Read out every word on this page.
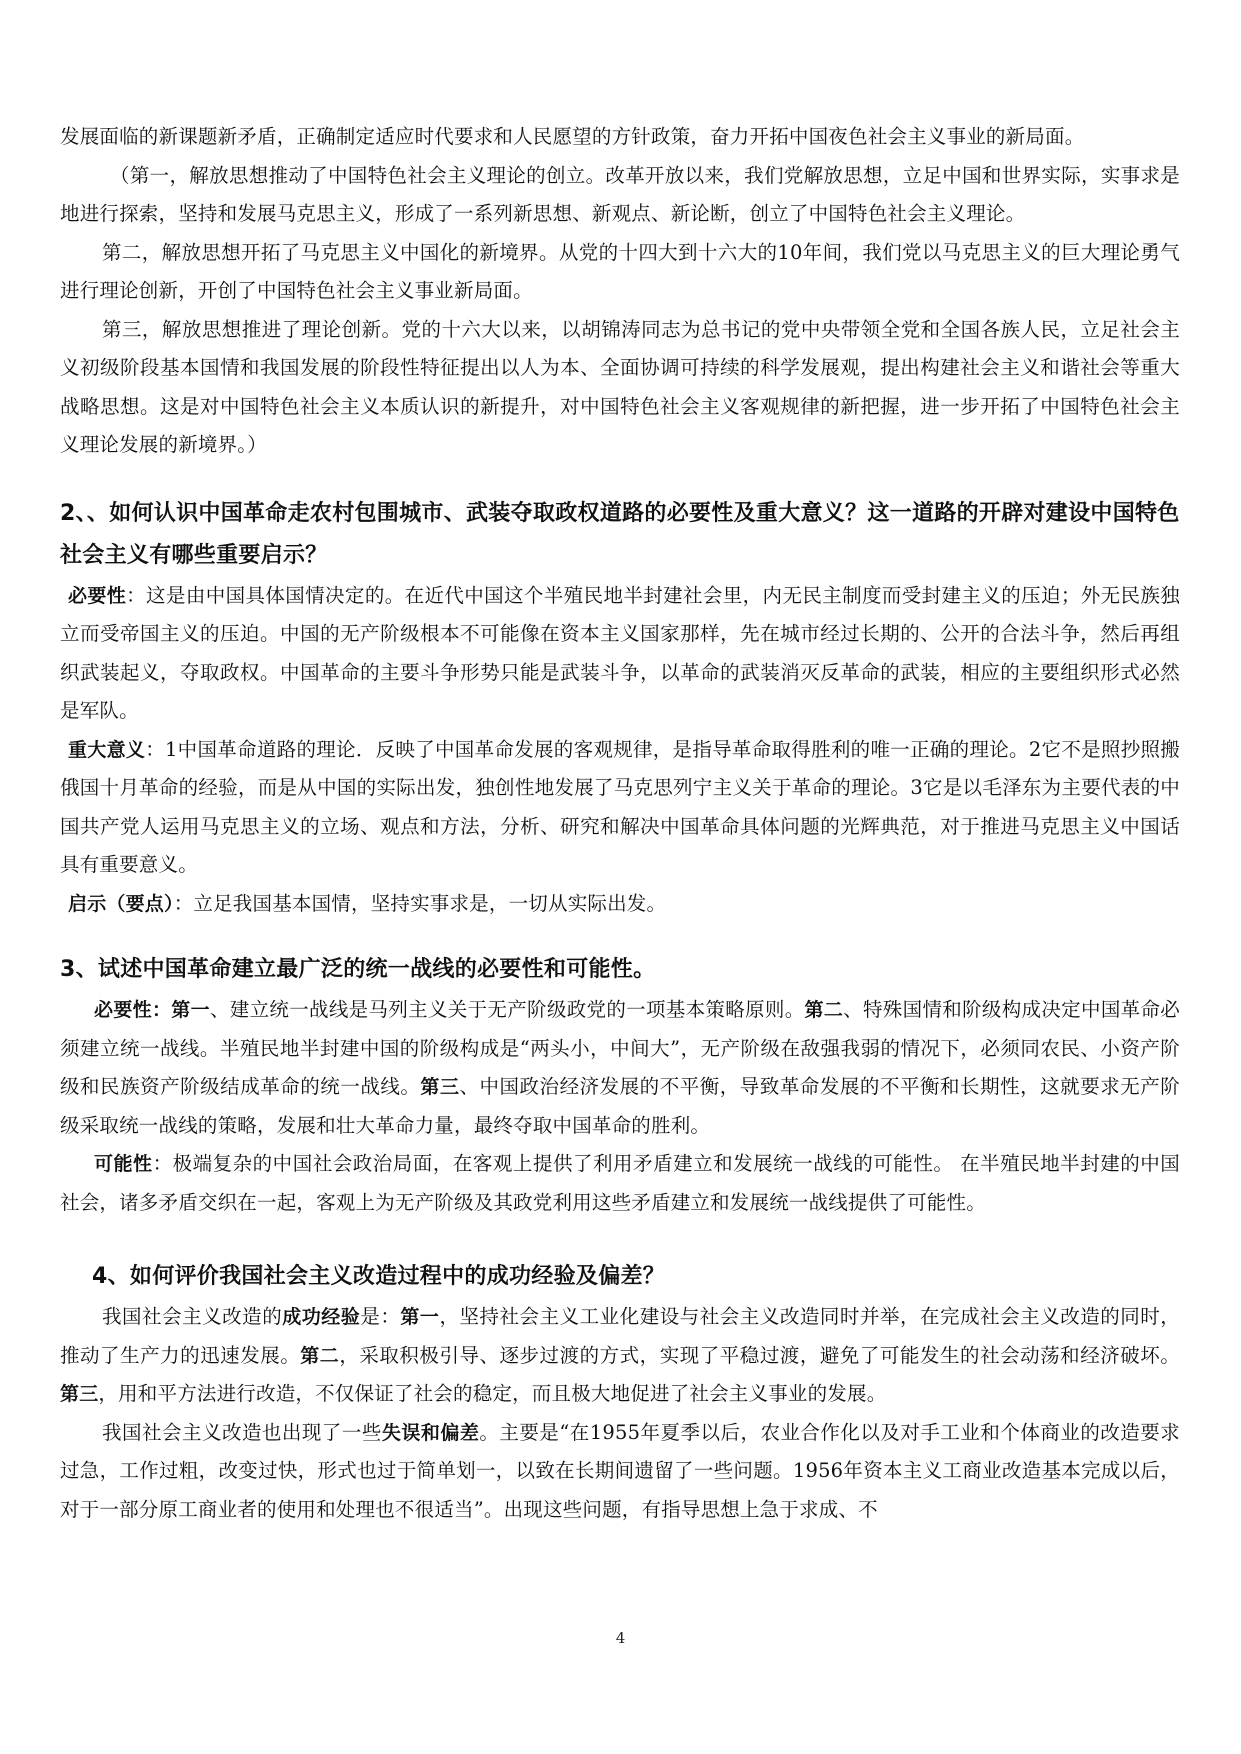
发展面临的新课题新矛盾，正确制定适应时代要求和人民愿望的方针政策，奋力开拓中国夜色社会主义事业的新局面。

（第一，解放思想推动了中国特色社会主义理论的创立。改革开放以来，我们党解放思想，立足中国和世界实际，实事求是地进行探索，坚持和发展马克思主义，形成了一系列新思想、新观点、新论断，创立了中国特色社会主义理论。

第二，解放思想开拓了马克思主义中国化的新境界。从党的十四大到十六大的10年间，我们党以马克思主义的巨大理论勇气进行理论创新，开创了中国特色社会主义事业新局面。

第三，解放思想推进了理论创新。党的十六大以来，以胡锦涛同志为总书记的党中央带领全党和全国各族人民，立足社会主义初级阶段基本国情和我国发展的阶段性特征提出以人为本、全面协调可持续的科学发展观，提出构建社会主义和谐社会等重大战略思想。这是对中国特色社会主义本质认识的新提升，对中国特色社会主义客观规律的新把握，进一步开拓了中国特色社会主义理论发展的新境界。）

2、、如何认识中国革命走农村包围城市、武装夺取政权道路的必要性及重大意义？这一道路的开辟对建设中国特色社会主义有哪些重要启示？

必要性：这是由中国具体国情决定的。在近代中国这个半殖民地半封建社会里，内无民主制度而受封建主义的压迫；外无民族独立而受帝国主义的压迫。中国的无产阶级根本不可能像在资本主义国家那样，先在城市经过长期的、公开的合法斗争，然后再组织武装起义，夺取政权。中国革命的主要斗争形势只能是武装斗争，以革命的武装消灭反革命的武装，相应的主要组织形式必然是军队。

重大意义：1中国革命道路的理论．反映了中国革命发展的客观规律，是指导革命取得胜利的唯一正确的理论。2它不是照抄照搬俄国十月革命的经验，而是从中国的实际出发，独创性地发展了马克思列宁主义关于革命的理论。3它是以毛泽东为主要代表的中国共产党人运用马克思主义的立场、观点和方法，分析、研究和解决中国革命具体问题的光辉典范，对于推进马克思主义中国话具有重要意义。

启示（要点）：立足我国基本国情，坚持实事求是，一切从实际出发。

3、试述中国革命建立最广泛的统一战线的必要性和可能性。

必要性：第一、建立统一战线是马列主义关于无产阶级政党的一项基本策略原则。第二、特殊国情和阶级构成决定中国革命必须建立统一战线。半殖民地半封建中国的阶级构成是“两头小，中间大”，无产阶级在敌强我弱的情况下，必须同农民、小资产阶级和民族资产阶级结成革命的统一战线。第三、中国政治经济发展的不平衡，导致革命发展的不平衡和长期性，这就要求无产阶级采取统一战线的策略，发展和壮大革命力量，最终夺取中国革命的胜利。

可能性：极端复杂的中国社会政治局面，在客观上提供了利用矛盾建立和发展统一战线的可能性。 在半殖民地半封建的中国社会，诸多矛盾交织在一起，客观上为无产阶级及其政党利用这些矛盾建立和发展统一战线提供了可能性。

4、如何评价我国社会主义改造过程中的成功经验及偏差？

我国社会主义改造的成功经验是：第一，坚持社会主义工业化建设与社会主义改造同时并举，在完成社会主义改造的同时，推动了生产力的迅速发展。第二，采取积极引导、逐步过渡的方式，实现了平稳过渡，避免了可能发生的社会动荡和经济破坏。第三，用和平方法进行改造，不仅保证了社会的稳定，而且极大地促进了社会主义事业的发展。

我国社会主义改造也出现了一些失误和偏差。主要是“在1955年夏季以后，农业合作化以及对手工业和个体商业的改造要求过急，工作过粗，改变过快，形式也过于简单划一，以致在长期间遗留了一些问题。1956年资本主义工商业改造基本完成以后，对于一部分原工商业者的使用和处理也不很适当”。出现这些问题，有指导思想上急于求成、不

4
